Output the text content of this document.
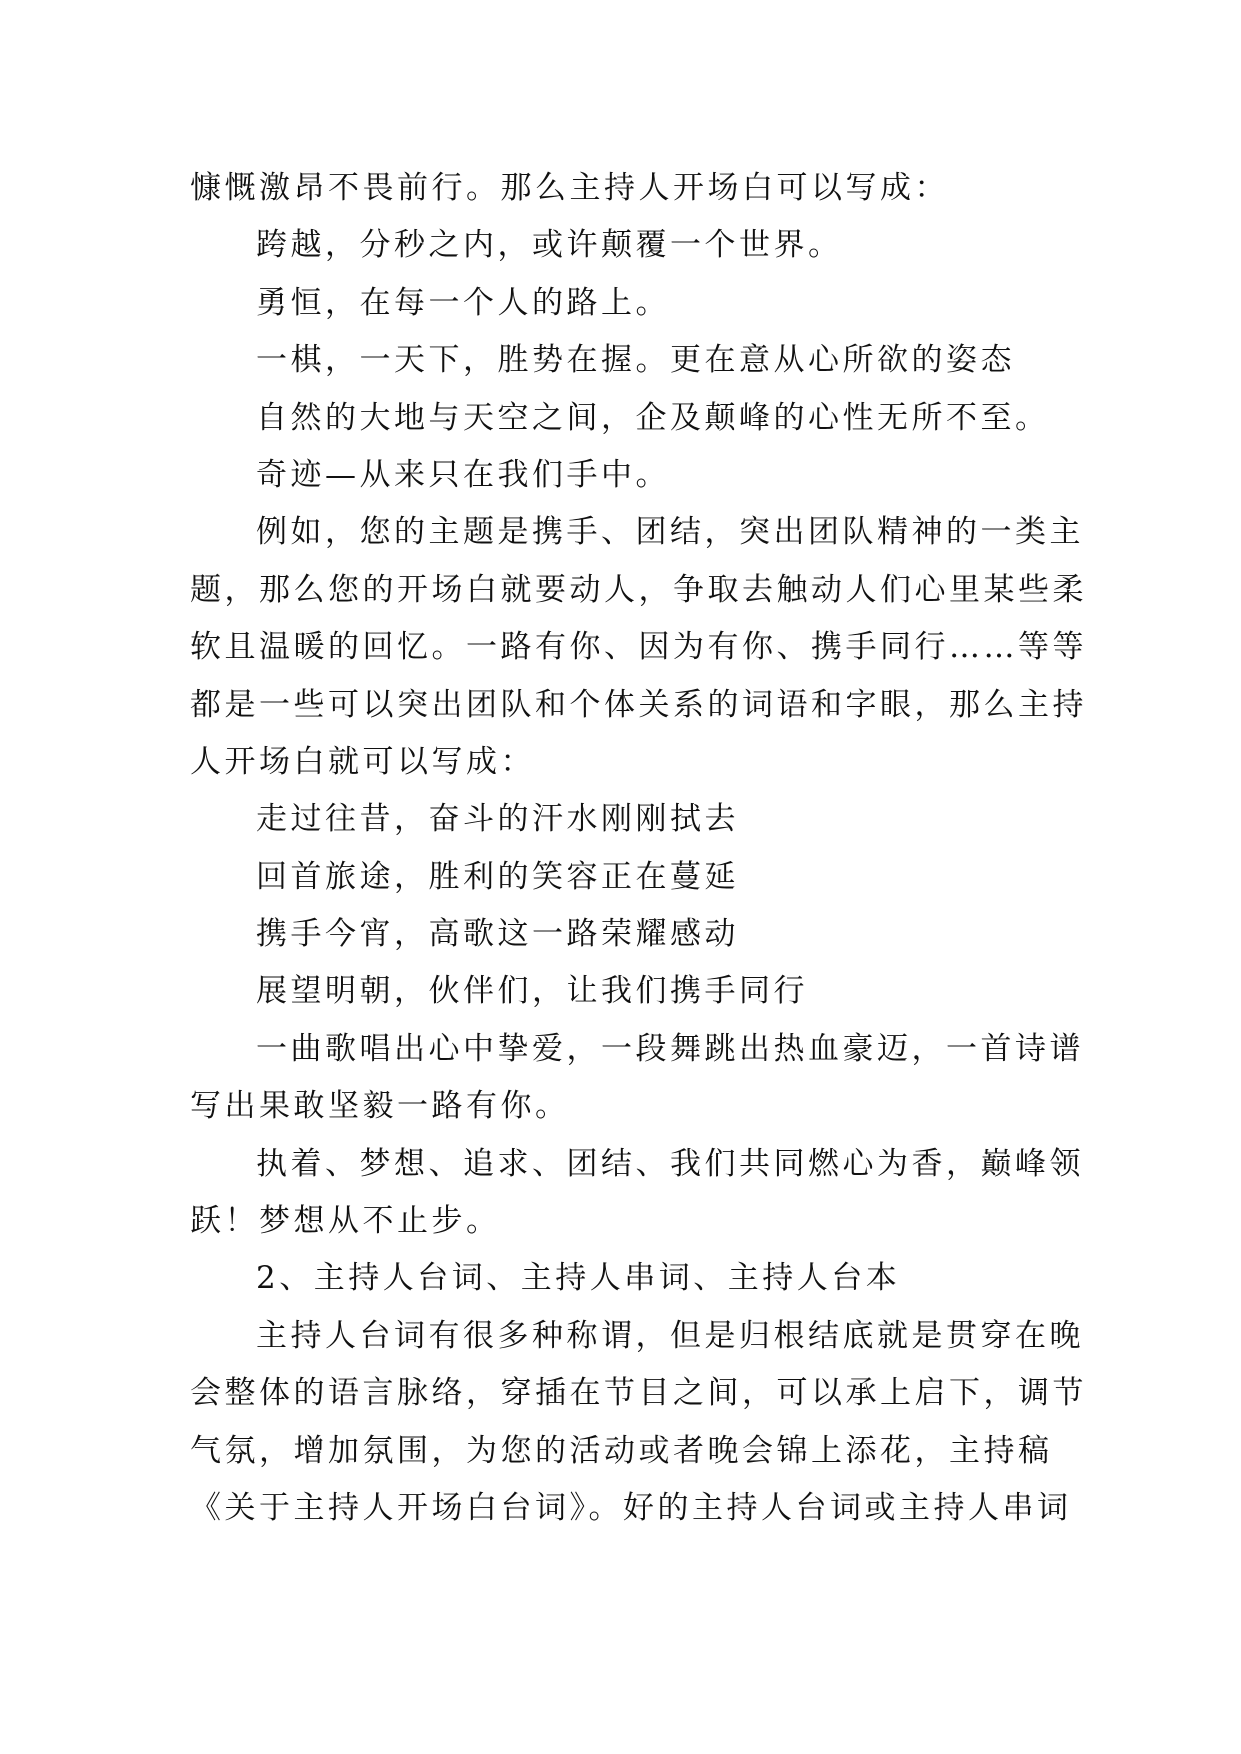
慷慨激昂不畏前行。那么主持人开场白可以写成：
跨越，分秒之内，或许颠覆一个世界。
勇恒，在每一个人的路上。
一棋，一天下，胜势在握。更在意从心所欲的姿态
自然的大地与天空之间，企及颠峰的心性无所不至。
奇迹—从来只在我们手中。
例如，您的主题是携手、团结，突出团队精神的一类主
题，那么您的开场白就要动人，争取去触动人们心里某些柔
软且温暖的回忆。一路有你、因为有你、携手同行……等等
都是一些可以突出团队和个体关系的词语和字眼，那么主持
人开场白就可以写成：
走过往昔，奋斗的汗水刚刚拭去
回首旅途，胜利的笑容正在蔓延
携手今宵，高歌这一路荣耀感动
展望明朝，伙伴们，让我们携手同行
一曲歌唱出心中挚爱，一段舞跳出热血豪迈，一首诗谱
写出果敢坚毅一路有你。
执着、梦想、追求、团结、我们共同燃心为香，巅峰领
跃！梦想从不止步。
2、主持人台词、主持人串词、主持人台本
主持人台词有很多种称谓，但是归根结底就是贯穿在晚
会整体的语言脉络，穿插在节目之间，可以承上启下，调节
气氛，增加氛围，为您的活动或者晚会锦上添花，主持稿
《关于主持人开场白台词》。好的主持人台词或主持人串词
